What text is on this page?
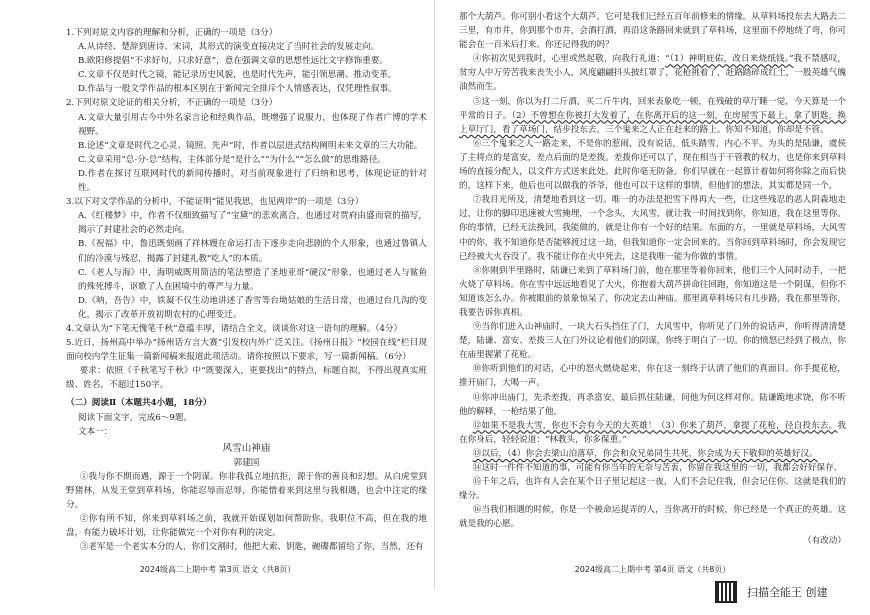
1.下列对原文内容的理解和分析，正确的一项是（3分）

A.从诗经、楚辞到唐诗、宋词，其形式的演变直接决定了当时社会的发展走向。

B.欧阳修提倡“不求好句，只求好意”，意在强调文章的思想性远比文字修饰重要。

C.文章不仅是时代之镜，能记录历史风貌，也是时代先声，能引领思潮、推动变革。

D.作品与一般文学作品的根本区别在于新闻完全排斥个人情感表达，仅凭理性叙事。

2.下列对原文论证的相关分析，不正确的一项是（3分）

A.文章大量引用古今中外名家言论和经典作品，既增强了说服力，也体现了作者广博的学术视野。

B.论述“文章是时代之心灵、镜照、先声”时，作者以层进式结构阐明未来文章的三大功能。

C.文章采用“总-分-总”结构，主体部分是“是什么”“为什么”“怎么做”的思维路径。

D.作者在探讨互联网时代的新闻传播时，对当前现象进行了归纳和思考，体现论证的针对性。

3.以下对文学作品的分析中，不能证明“能见我思，也见两岸”的一项是（3分）

A.《红楼梦》中，作者不仅细致描写了“宝黛”的悲欢离合，也通过对贾府由盛而衰的描写，揭示了封建社会的必然走向。

B.《祝福》中，鲁迅既刻画了祥林嫂在命运打击下逐步走向悲剧的个人形象，也通过鲁镇人们的冷漠与残忍，揭露了封建礼教“吃人”的本质。

C.《老人与海》中，海明威既用简洁的笔法塑造了圣地亚哥“硬汉”形象，也通过老人与鲨鱼的殊死搏斗，讴歌了人在困境中的尊严与力量。

D.《呐，吾告》中，铁凝不仅生动地讲述了香雪等台坳姑娘的生活日常，也通过台几沟的变化，揭示了改革开放初期农村的心理变迁。

4.文章认为“下笔无愧笔千秋”意蕴丰厚，请结合全文，谈谈你对这一语句的理解。（4分）

5.近日，扬州高中举办“扬州话方言大赛”引发校内外广泛关注。《扬州日报》“校园在线”栏目现面向校内学生征集一篇新闻稿来报道此项活动。请你按照以下要求，写一篇新闻稿。（6分）

要求：依照《千秋笔写千秋》中“既要深入，更要找出”的特点，标题自拟，不得出现真实班级、姓名，不超过150字。

（二）阅读Ⅱ（本题共4小题，18分）

阅读下面文字，完成6～9题。

文本一：

风雪山神庙

郭建国

①我与你不期而遇，源于一个阴谋。你非我孤立地抗拒，源于你的善良和幻想。从白虎堂到野猪林，从发王堂到草料场，你能忍辱而忍辱，你能惜着来到这里与我相遇，也会中注定的缘分。

②你有所不知，你来到草料场之前，我就开始谋划如何帮助你。我职位不高，但在我的地盘，有能力破坏计划，让你能做完一个对你有利的决定。

③老军是一个老实本分的人，你们交割时，他把大索、钥匙，碗碟都留给了你，当然，还有

那个大葫芦。你可别小看这个大葫芦，它可是我们已经五百年前修来的情缘。从草料场投东去大路去二三里，有市井，你到那个市井，会酒打酒，再沿这条路回来就到了草料场，这里面不停地绕了弯，你可能会在一百米后打来。你还记得我的吗？

④你初次见到我时，心里或然起敬，向我行礼道：“（1）神明庇佑，改日来烧纸钱。”我不禁感叹，贫穷人中万劳苦我来丧失小人，风度翩翩抖头披红罩了，花枪挑着了，赶路踏碎成红土，一股英雄气魄油然而生。

⑤这一刻，你以为打二斤酒，买二斤牛肉，回来表象吃一顿，在残破的草厅睡一觉，今天算是一个平常的日子。（2）不曾想在你被打大发着了，在你离开后的这一刻，在房屋雪下最上，拿了钥匙，换上草厅门，看了草场门，结步投东去，三个鬼来之人正在赶来的路上。你知不知道，你却是不管。

⑥三个鬼来之人一路走来，不是你的惹闹，没有说话，低头踏雪，内心不平。为头的是陆谦，虞侯了主将点的是富安，差点后面的是差拨。差拨你还可以了，现在相当于干管教的权力，也是你来到草料场的直接分配人，以文件方式送来此处。此时你毫无防备。你们早就在一起算计着如何将你除之而后快的，这样下来，他后也可以做我的爷爷，他也可以干这样的事情，但他们的想法，其实都是同一个。

⑦我目光所及，清楚地看到这一切。唯一的办法是把雪下得再大一些，让这些残忍的恶人阴森地走过，让你的脚印迅速被大雪掩埋，一个念头，大风雪，就让我一时间找到你，你知道，我在这里等你。你的事情，已经无法挽回，我能做的，就是让你有一个好的结果。东面的方，一里就是草料场，大风雪中的你，我不知道你是否能够渡过这一劫，但我知道你一定会回来的。当你回到草料场时，你会发现它已经被大火吞没了。我不能让你在火中死去，这是我唯一能为你做的事情。

⑧你刚到半里路时，陆谦已来到了草料场门前，他在那里等着你回来，他们三个人同时动手，一把火烧了草料场。你在雪中远远地看见了大火，你抱着大葫芦拼命往回跑，你知道这是一个阴谋，但你不知道该怎么办。你被眼前的景象惊呆了，你决定去山神庙。那里离草料场只有几步路，我在那里等你，我要告诉你真相。

⑨当你们进入山神庙时，一块大石头挡住了门，大风雪中，你听见了门外的说话声，你听得清清楚楚，陆谦、富安、差拨三人在门外议论着他们的阴谋，你终于明白了一切。你的愤怒已经到了极点，你在庙里握紧了花枪。

⑩你听到他们的对话，心中的怒火燃烧起来，你在这一刻终于认清了他们的真面目。你手提花枪，推开庙门，大喝一声。

⑪你冲出庙门，先杀差拨，再杀富安，最后抓住陆谦，问他为何这样对你。陆谦跪地求饶，你不听他的解释，一枪结果了他。

⑫如果不是我大雪，你也不会有今天的大英雄！（3）你来了葫芦，拿提了花枪，径自投东去。我在你身后，轻轻说道：“林教头，你多保重。”

⑬以后，（4）你会去梁山泊落草，你会和众兄弟同生共死，你会成为天下敬仰的英雄好汉。

⑭这时一件件不知道的事，可能有你当年的无奈与苦衷，你留在我这里的一切，我都会好好保存。

⑮千年之后，也许有人会在某个日子里记起这一夜，人们不会记住我，但会记住你。这就是我们的缘分。

⑯当我们相遇的时候，你是一个被命运捉弄的人，当你离开的时候，你已经是一个真正的英雄。这就是我的心愿。

（有改动）

2024级高二上期中考 第3页 语文（共8页）	2024级高二上期中考 第4页 语文（共8页）
扫描全能王 创建
